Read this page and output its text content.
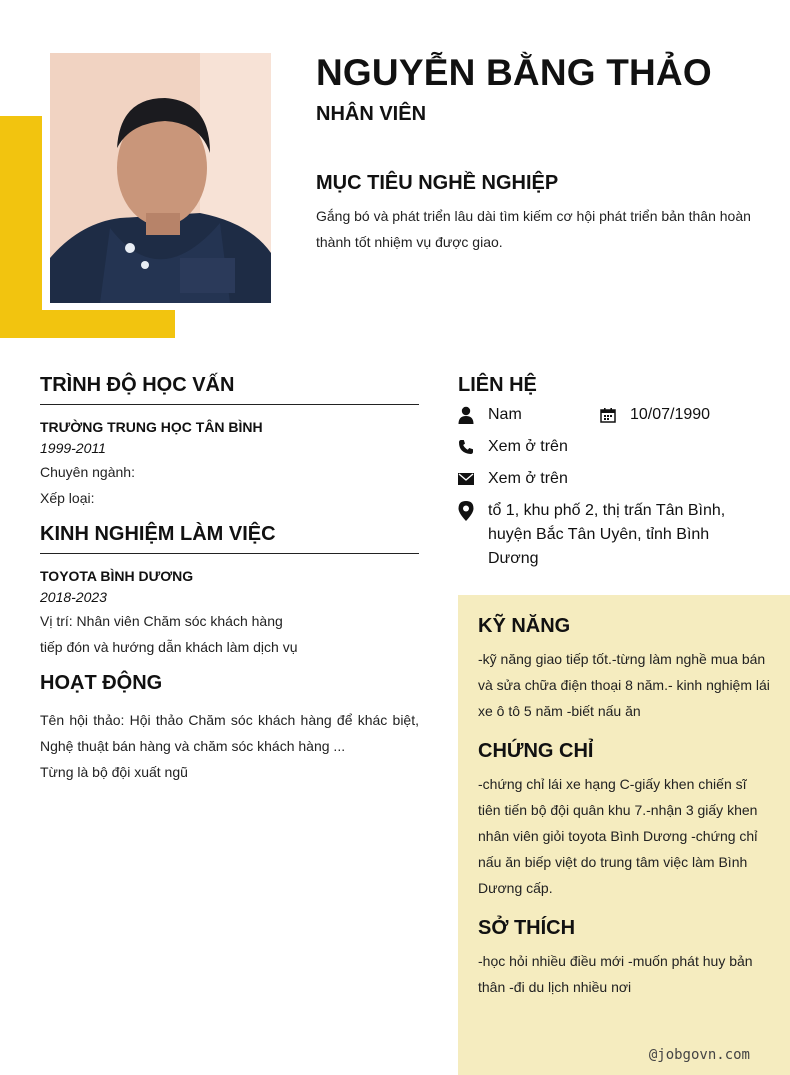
NGUYỄN BẰNG THẢO
NHÂN VIÊN
MỤC TIÊU NGHỀ NGHIỆP
Gắng bó và phát triển lâu dài tìm kiếm cơ hội phát triển bản thân hoàn thành tốt nhiệm vụ được giao.
TRÌNH ĐỘ HỌC VẤN
TRƯỜNG TRUNG HỌC TÂN BÌNH
1999-2011
Chuyên ngành:
Xếp loại:
KINH NGHIỆM LÀM VIỆC
TOYOTA BÌNH DƯƠNG
2018-2023
Vị trí: Nhân viên Chăm sóc khách hàng
tiếp đón và hướng dẫn khách làm dịch vụ
HOẠT ĐỘNG
Tên hội thảo: Hội thảo Chăm sóc khách hàng để khác biệt, Nghệ thuật bán hàng và chăm sóc khách hàng ...
Từng là bộ đội xuất ngũ
LIÊN HỆ
Nam	10/07/1990
Xem ở trên
Xem ở trên
tổ 1, khu phố 2, thị trấn Tân Bình, huyện Bắc Tân Uyên, tỉnh Bình Dương
KỸ NĂNG
-kỹ năng giao tiếp tốt.-từng làm nghề mua bán và sửa chữa điện thoại 8 năm.- kinh nghiệm lái xe ô tô 5 năm -biết nấu ăn
CHỨNG CHỈ
-chứng chỉ lái xe hạng C-giấy khen chiến sĩ tiên tiến bộ đội quân khu 7.-nhận 3 giấy khen nhân viên giỏi toyota Bình Dương -chứng chỉ nấu ăn biếp việt do trung tâm việc làm Bình Dương cấp.
SỞ THÍCH
-học hỏi nhiều điều mới -muốn phát huy bản thân -đi du lịch nhiều nơi
@jobgovn.com
